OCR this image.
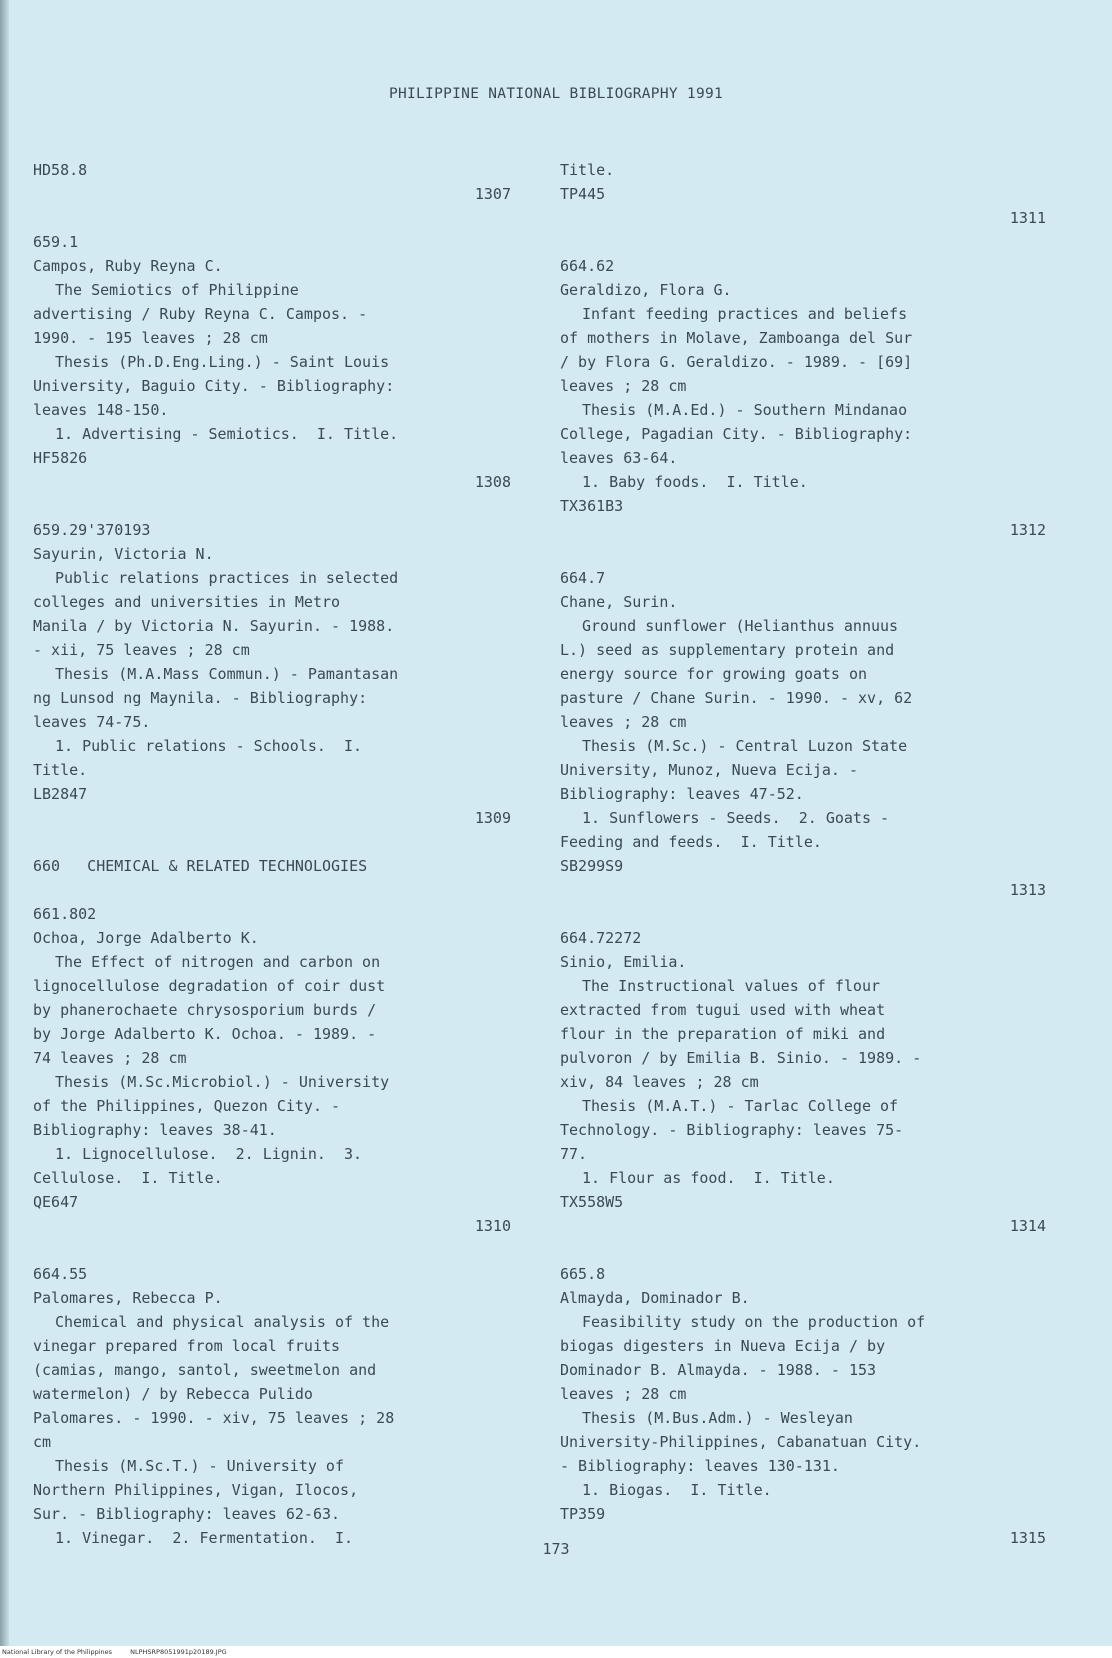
PHILIPPINE NATIONAL BIBLIOGRAPHY 1991
HD58.8
1307
659.1
Campos, Ruby Reyna C.
The Semiotics of Philippine
advertising / Ruby Reyna C. Campos. -
1990. - 195 leaves ; 28 cm
Thesis (Ph.D.Eng.Ling.) - Saint Louis
University, Baguio City. - Bibliography:
leaves 148-150.
1. Advertising - Semiotics.  I. Title.
HF5826
1308
659.29'370193
Sayurin, Victoria N.
Public relations practices in selected
colleges and universities in Metro
Manila / by Victoria N. Sayurin. - 1988.
- xii, 75 leaves ; 28 cm
Thesis (M.A.Mass Commun.) - Pamantasan
ng Lunsod ng Maynila. - Bibliography:
leaves 74-75.
1. Public relations - Schools.  I.
Title.
LB2847
1309
660   CHEMICAL & RELATED TECHNOLOGIES
661.802
Ochoa, Jorge Adalberto K.
The Effect of nitrogen and carbon on
lignocellulose degradation of coir dust
by phanerochaete chrysosporium burds /
by Jorge Adalberto K. Ochoa. - 1989. -
74 leaves ; 28 cm
Thesis (M.Sc.Microbiol.) - University
of the Philippines, Quezon City. -
Bibliography: leaves 38-41.
1. Lignocellulose.  2. Lignin.  3.
Cellulose.  I. Title.
QE647
1310
664.55
Palomares, Rebecca P.
Chemical and physical analysis of the
vinegar prepared from local fruits
(camias, mango, santol, sweetmelon and
watermelon) / by Rebecca Pulido
Palomares. - 1990. - xiv, 75 leaves ; 28
cm
Thesis (M.Sc.T.) - University of
Northern Philippines, Vigan, Ilocos,
Sur. - Bibliography: leaves 62-63.
1. Vinegar.  2. Fermentation.  I.
Title.
TP445
1311
664.62
Geraldizo, Flora G.
Infant feeding practices and beliefs
of mothers in Molave, Zamboanga del Sur
/ by Flora G. Geraldizo. - 1989. - [69]
leaves ; 28 cm
Thesis (M.A.Ed.) - Southern Mindanao
College, Pagadian City. - Bibliography:
leaves 63-64.
1. Baby foods.  I. Title.
TX361B3
1312
664.7
Chane, Surin.
Ground sunflower (Helianthus annuus
L.) seed as supplementary protein and
energy source for growing goats on
pasture / Chane Surin. - 1990. - xv, 62
leaves ; 28 cm
Thesis (M.Sc.) - Central Luzon State
University, Munoz, Nueva Ecija. -
Bibliography: leaves 47-52.
1. Sunflowers - Seeds.  2. Goats -
Feeding and feeds.  I. Title.
SB299S9
1313
664.72272
Sinio, Emilia.
The Instructional values of flour
extracted from tugui used with wheat
flour in the preparation of miki and
pulvoron / by Emilia B. Sinio. - 1989. -
xiv, 84 leaves ; 28 cm
Thesis (M.A.T.) - Tarlac College of
Technology. - Bibliography: leaves 75-
77.
1. Flour as food.  I. Title.
TX558W5
1314
665.8
Almayda, Dominador B.
Feasibility study on the production of
biogas digesters in Nueva Ecija / by
Dominador B. Almayda. - 1988. - 153
leaves ; 28 cm
Thesis (M.Bus.Adm.) - Wesleyan
University-Philippines, Cabanatuan City.
- Bibliography: leaves 130-131.
1. Biogas.  I. Title.
TP359
1315
173
National Library of the Philippines	NLPHSRP8051991p20189.JPG
